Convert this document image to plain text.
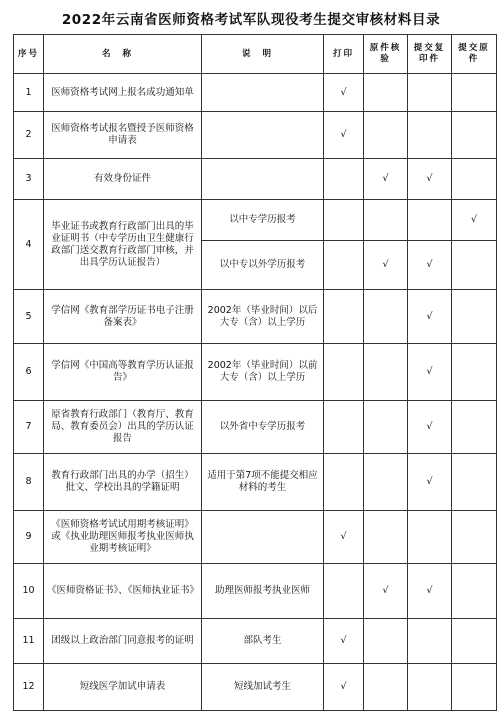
2022年云南省医师资格考试军队现役考生提交审核材料目录
序号	名称	说明	打印	原件核验	提交复印件	提交原件
1	医师资格考试网上报名成功通知单		√			
2	医师资格考试报名暨授予医师资格申请表		√			
3	有效身份证件			√	√	
4	毕业证书或教育行政部门出具的毕业证明书（中专学历由卫生健康行政部门送交教育行政部门审核，并出具学历认证报告）	以中专学历报考				√
		以中专以外学历报考		√	√	
5	学信网《教育部学历证书电子注册备案表》	2002年（毕业时间）以后大专（含）以上学历			√	
6	学信网《中国高等教育学历认证报告》	2002年（毕业时间）以前大专（含）以上学历			√	
7	原省教育行政部门（教育厅、教育局、教育委员会）出具的学历认证报告	以外省中专学历报考			√	
8	教育行政部门出具的办学（招生）批文、学校出具的学籍证明	适用于第7项不能提交相应材料的考生			√	
9	《医师资格考试试用期考核证明》或《执业助理医师报考执业医师执业期考核证明》		√			
10	《医师资格证书》、《医师执业证书》	助理医师报考执业医师		√	√	
11	团级以上政治部门同意报考的证明	部队考生	√			
12	短线医学加试申请表	短线加试考生	√			
